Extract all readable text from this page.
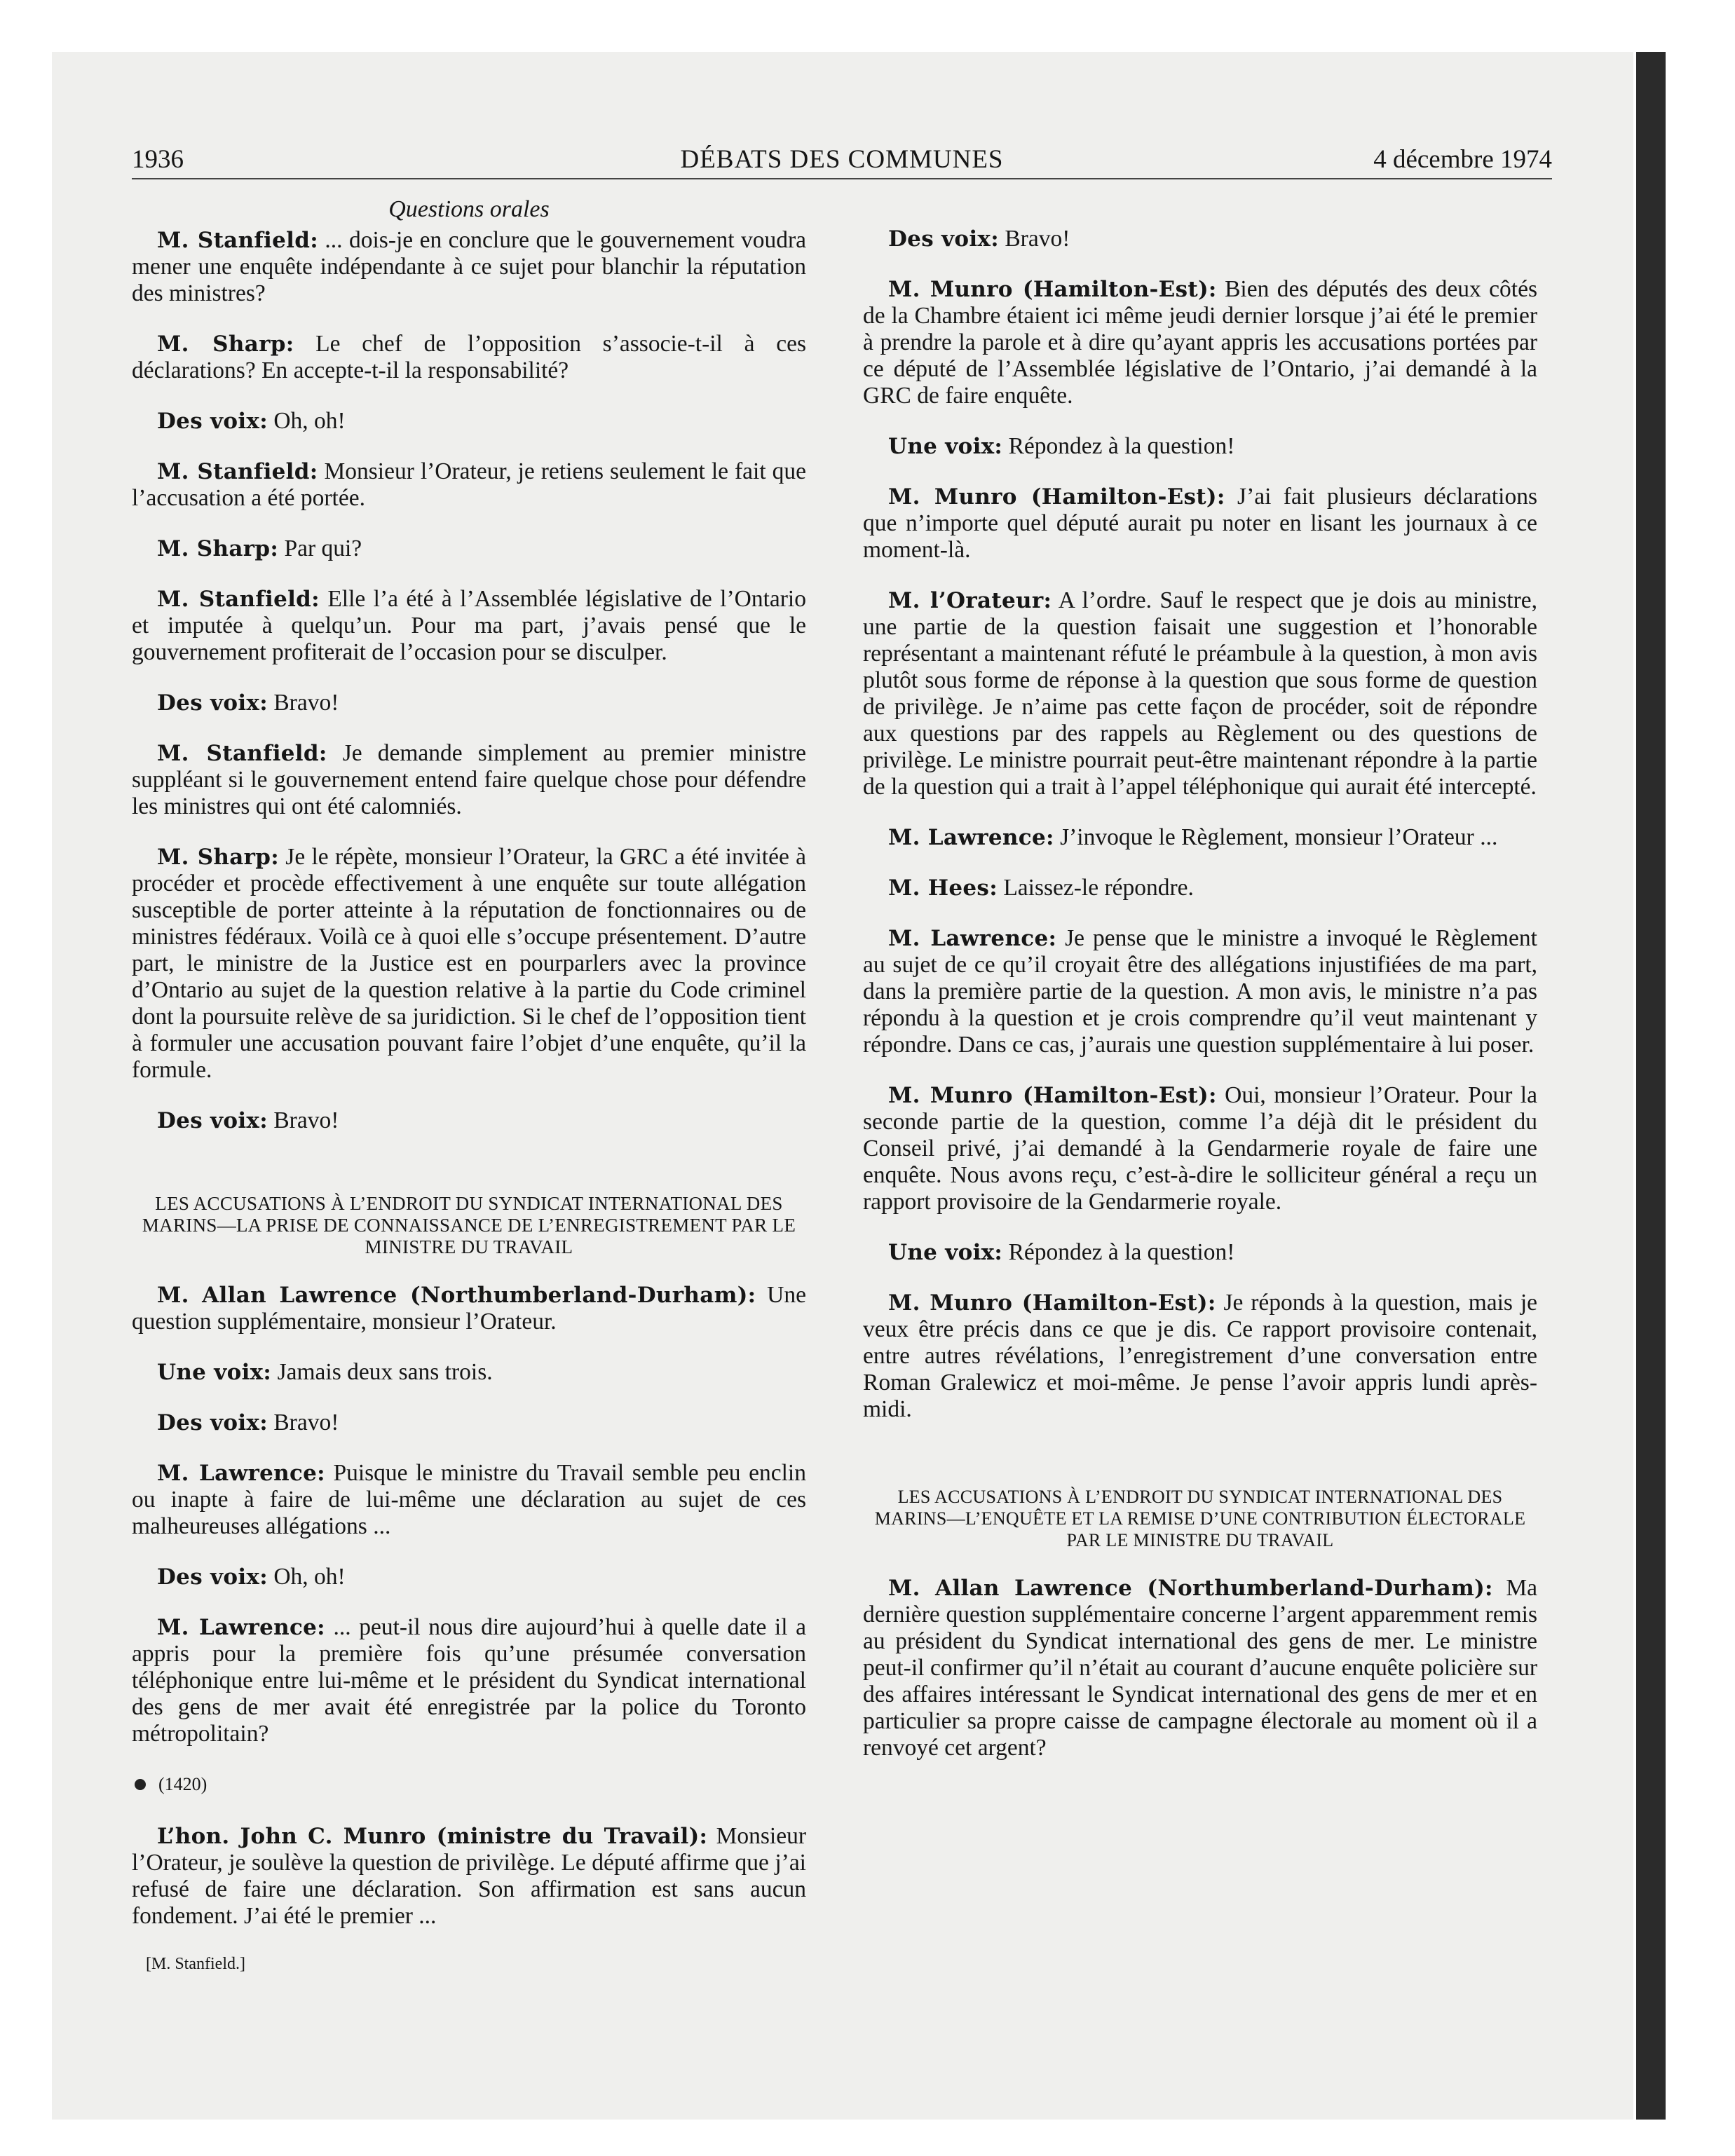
1936	DÉBATS DES COMMUNES	4 décembre 1974
Questions orales

M. Stanfield: ... dois-je en conclure que le gouvernement voudra mener une enquête indépendante à ce sujet pour blanchir la réputation des ministres?

M. Sharp: Le chef de l’opposition s’associe-t-il à ces déclarations? En accepte-t-il la responsabilité?

Des voix: Oh, oh!

M. Stanfield: Monsieur l’Orateur, je retiens seulement le fait que l’accusation a été portée.

M. Sharp: Par qui?

M. Stanfield: Elle l’a été à l’Assemblée législative de l’Ontario et imputée à quelqu’un. Pour ma part, j’avais pensé que le gouvernement profiterait de l’occasion pour se disculper.

Des voix: Bravo!

M. Stanfield: Je demande simplement au premier ministre suppléant si le gouvernement entend faire quelque chose pour défendre les ministres qui ont été calomniés.

M. Sharp: Je le répète, monsieur l’Orateur, la GRC a été invitée à procéder et procède effectivement à une enquête sur toute allégation susceptible de porter atteinte à la réputation de fonctionnaires ou de ministres fédéraux. Voilà ce à quoi elle s’occupe présentement. D’autre part, le ministre de la Justice est en pourparlers avec la province d’Ontario au sujet de la question relative à la partie du Code criminel dont la poursuite relève de sa juridiction. Si le chef de l’opposition tient à formuler une accusation pouvant faire l’objet d’une enquête, qu’il la formule.

Des voix: Bravo!

LES ACCUSATIONS À L’ENDROIT DU SYNDICAT INTERNATIONAL DES MARINS—LA PRISE DE CONNAISSANCE DE L’ENREGISTREMENT PAR LE MINISTRE DU TRAVAIL

M. Allan Lawrence (Northumberland-Durham): Une question supplémentaire, monsieur l’Orateur.

Une voix: Jamais deux sans trois.

Des voix: Bravo!

M. Lawrence: Puisque le ministre du Travail semble peu enclin ou inapte à faire de lui-même une déclaration au sujet de ces malheureuses allégations ...

Des voix: Oh, oh!

M. Lawrence: ... peut-il nous dire aujourd’hui à quelle date il a appris pour la première fois qu’une présumée conversation téléphonique entre lui-même et le président du Syndicat international des gens de mer avait été enregistrée par la police du Toronto métropolitain?

(1420)

L’hon. John C. Munro (ministre du Travail): Monsieur l’Orateur, je soulève la question de privilège. Le député affirme que j’ai refusé de faire une déclaration. Son affirmation est sans aucun fondement. J’ai été le premier ...

[M. Stanfield.]

Des voix: Bravo!

M. Munro (Hamilton-Est): Bien des députés des deux côtés de la Chambre étaient ici même jeudi dernier lorsque j’ai été le premier à prendre la parole et à dire qu’ayant appris les accusations portées par ce député de l’Assemblée législative de l’Ontario, j’ai demandé à la GRC de faire enquête.

Une voix: Répondez à la question!

M. Munro (Hamilton-Est): J’ai fait plusieurs déclarations que n’importe quel député aurait pu noter en lisant les journaux à ce moment-là.

M. l’Orateur: A l’ordre. Sauf le respect que je dois au ministre, une partie de la question faisait une suggestion et l’honorable représentant a maintenant réfuté le préambule à la question, à mon avis plutôt sous forme de réponse à la question que sous forme de question de privilège. Je n’aime pas cette façon de procéder, soit de répondre aux questions par des rappels au Règlement ou des questions de privilège. Le ministre pourrait peut-être maintenant répondre à la partie de la question qui a trait à l’appel téléphonique qui aurait été intercepté.

M. Lawrence: J’invoque le Règlement, monsieur l’Orateur ...

M. Hees: Laissez-le répondre.

M. Lawrence: Je pense que le ministre a invoqué le Règlement au sujet de ce qu’il croyait être des allégations injustifiées de ma part, dans la première partie de la question. A mon avis, le ministre n’a pas répondu à la question et je crois comprendre qu’il veut maintenant y répondre. Dans ce cas, j’aurais une question supplémentaire à lui poser.

M. Munro (Hamilton-Est): Oui, monsieur l’Orateur. Pour la seconde partie de la question, comme l’a déjà dit le président du Conseil privé, j’ai demandé à la Gendarmerie royale de faire une enquête. Nous avons reçu, c’est-à-dire le solliciteur général a reçu un rapport provisoire de la Gendarmerie royale.

Une voix: Répondez à la question!

M. Munro (Hamilton-Est): Je réponds à la question, mais je veux être précis dans ce que je dis. Ce rapport provisoire contenait, entre autres révélations, l’enregistrement d’une conversation entre Roman Gralewicz et moi-même. Je pense l’avoir appris lundi après-midi.

LES ACCUSATIONS À L’ENDROIT DU SYNDICAT INTERNATIONAL DES MARINS—L’ENQUÊTE ET LA REMISE D’UNE CONTRIBUTION ÉLECTORALE PAR LE MINISTRE DU TRAVAIL

M. Allan Lawrence (Northumberland-Durham): Ma dernière question supplémentaire concerne l’argent apparemment remis au président du Syndicat international des gens de mer. Le ministre peut-il confirmer qu’il n’était au courant d’aucune enquête policière sur des affaires intéressant le Syndicat international des gens de mer et en particulier sa propre caisse de campagne électorale au moment où il a renvoyé cet argent?
